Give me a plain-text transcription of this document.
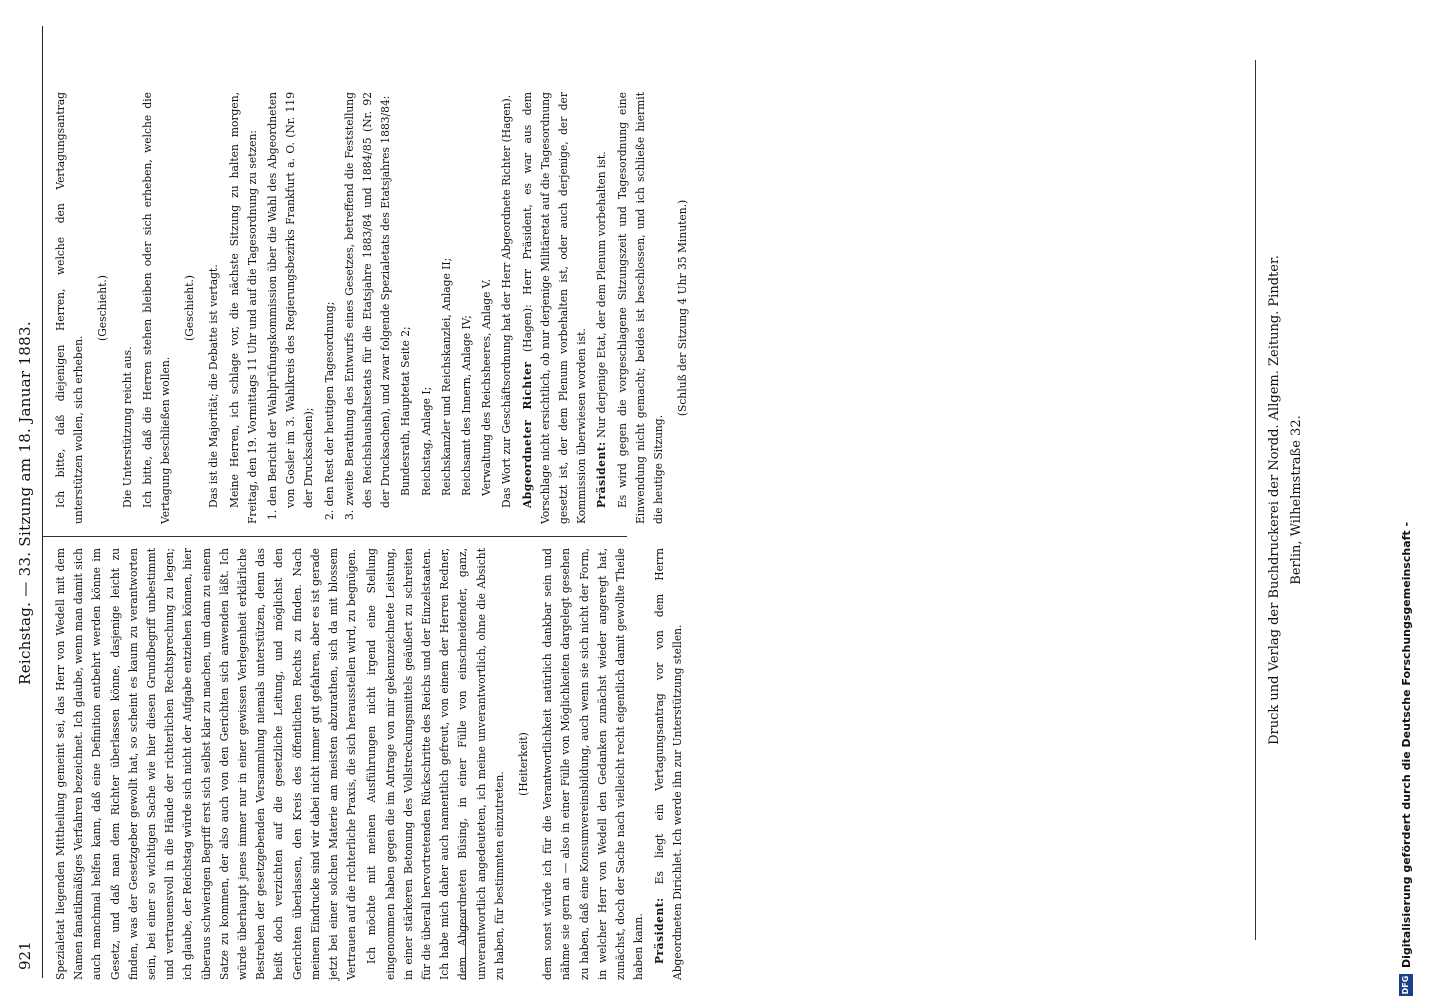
921
Reichstag. — 33. Sitzung am 18. Januar 1883.

Spezialetat liegenden Mittheilung gemeint sei, das Herr von Wedell mit dem Namen fanatikmäßiges Verfahren bezeichnet. Ich glaube, wenn man damit sich auch manchmal helfen kann, daß eine Definition entbehrt werden könne im Gesetz, und daß man dem Richter überlassen könne, dasjenige leicht zu finden, was der Gesetzgeber gewollt hat, so scheint es kaum zu verantworten sein, bei einer so wichtigen Sache wie hier diesen Grundbegriff unbestimmt und vertrauensvoll in die Hände der richterlichen Rechtsprechung zu legen; ich glaube, der Reichstag würde sich nicht der Aufgabe entziehen können, hier überaus schwierigen Begriff erst sich selbst klar zu machen, um dann zu einem Satze zu kommen, der also auch von den Gerichten sich anwenden läßt. Ich würde überhaupt jenes immer nur in einer gewissen Verlegenheit erklärliche Bestreben der gesetzgebenden Versammlung niemals unterstützen, denn das heißt doch verzichten auf die gesetzliche Leitung, und möglichst den Gerichten überlassen, den Kreis des öffentlichen Rechts zu finden. Nach meinem Eindrucke sind wir dabei nicht immer gut gefahren, aber es ist gerade jetzt bei einer solchen Materie am meisten abzurathen, sich da mit blossem Vertrauen auf die richterliche Praxis, die sich herausstellen wird, zu begnügen. Ich möchte mit meinen Ausführungen nicht irgend eine Stellung eingenommen haben gegen die im Antrage von mir gekennzeichnete Leistung, in einer stärkeren Betonung des Vollstreckungsmittels geäußert zu schreiten für die überall hervortretenden Rückschritte des Reichs und der Einzelstaaten. Ich habe mich daher auch namentlich gefreut, von einem der Herren Redner, dem Abgeordneten Büsing, in einer Fülle von einschneidender, ganz, unverantwortlich angedeuteten, ich meine unverantwortlich, ohne die Absicht zu haben, für bestimmten einzutreten.

(Heiterkeit) dem sonst würde ich für die Verantwortlichkeit natürlich dankbar sein und nähme sie gern an — also in einer Fülle von Möglichkeiten dargelegt gesehen zu haben, daß eine Konsumvereinsbildung, auch wenn sie sich nicht der Form, in welcher Herr von Wedell den Gedanken zunächst wieder angeregt hat, zunächst, doch der Sache nach vielleicht recht eigentlich damit gewollte Theile haben kann. Präsident: Es liegt ein Vertagungsantrag vor von dem Herrn Abgeordneten Dirichlet. Ich werde ihn zur Unterstützung stellen.

Ich bitte, daß diejenigen Herren, welche den Vertagungsantrag unterstützen wollen, sich erheben.

(Geschieht.)

Die Unterstützung reicht aus. Ich bitte, daß die Herren stehen bleiben oder sich erheben, welche die Vertagung beschließen wollen.

(Geschieht.) Das ist die Majorität; die Debatte ist vertagt. Meine Herren, ich schlage vor, die nächste Sitzung zu halten morgen, Freitag, den 19. Vormittags 11 Uhr und auf die Tagesordnung zu setzen: 1. den Bericht der Wahlprüfungskommission über die Wahl des Abgeordneten von Gosler im 3. Wahlkreis des Regierungsbezirks Frankfurt a. O. (Nr. 119 der Drucksachen); 2. den Rest der heutigen Tagesordnung; 3. zweite Berathung des Entwurfs eines Gesetzes, betreffend die Feststellung des Reichshaushaltsetats für die Etatsjahre 1883/84 und 1884/85 (Nr. 92 der Drucksachen), und zwar folgende Spezialetats des Etatsjahres 1883/84: Bundesrath, Hauptetat Seite 2; Reichstag, Anlage I; Reichskanzler und Reichskanzlei, Anlage II; Reichsamt des Innern, Anlage IV; Verwaltung des Reichsheeres, Anlage V. Das Wort zur Geschäftsordnung hat der Herr Abgeordnete Richter (Hagen). Abgeordneter Richter (Hagen): Herr Präsident, es war aus dem Vorschlage nicht ersichtlich, ob nur derjenige Militäretat auf die Tagesordnung gesetzt ist, der dem Plenum vorbehalten ist, oder auch derjenige, der der Kommission überwiesen worden ist. Präsident: Nur derjenige Etat, der dem Plenum vorbehalten ist. Es wird gegen die vorgeschlagene Sitzungszeit und Tagesordnung eine Einwendung nicht gemacht; beides ist beschlossen, und ich schließe hiermit die heutige Sitzung.

(Schluß der Sitzung 4 Uhr 35 Minuten.)	Druck und Verlag der Buchdruckerei der Nordd. Allgem. Zeitung. Pindter. Berlin, Wilhelmstraße 32.
DFG
Digitalisierung gefördert durch die Deutsche Forschungsgemeinschaft -
